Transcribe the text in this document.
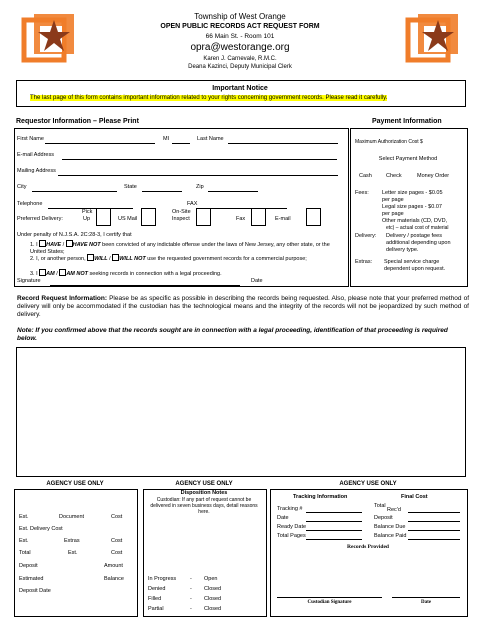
Township of West Orange
OPEN PUBLIC RECORDS ACT REQUEST FORM
66 Main St. - Room 101
opra@westorange.org
Karen J. Carnevale, R.M.C.
Deana Kazinci, Deputy Municipal Clerk
Important Notice
The last page of this form contains important information related to your rights concerning government records. Please read it carefully.
Requestor Information – Please Print	Payment Information
First Name	MI	Last Name
E-mail Address
Mailing Address
City	State	Zip
Telephone	FAX
Preferred Delivery:
Pick
Up	US Mail
On-Site
Inspect	Fax	E-mail
Under penalty of N.J.S.A. 2C:28-3, I certify that
1. I HAVE / HAVE NOT been convicted of any indictable offense under the laws of New Jersey, any other state, or the United States;
2. I, or another person, WILL / WILL NOT use the requested government records for a commercial purpose;
3. I AM / AM NOT seeking records in connection with a legal proceeding.
Signature	Date
Maximum Authorization Cost $
Select Payment Method
Cash	Check	Money Order
Fees: Letter size pages - $0.05
per page
Legal size pages - $0.07
per page
Other materials (CD, DVD,
etc) – actual cost of material
Delivery: Delivery / postage fees
additional depending upon
delivery type.
Extras: Special service charge
dependent upon request.
Record Request Information: Please be as specific as possible in describing the records being requested. Also, please note that your preferred method of delivery will only be accommodated if the custodian has the technological means and the integrity of the records will not be jeopardized by such method of delivery.
Note: If you confirmed above that the records sought are in connection with a legal proceeding, identification of that proceeding is required below.
AGENCY USE ONLY	AGENCY USE ONLY	AGENCY USE ONLY
Est.	Document	Cost
Est. Delivery Cost
Est.	Extras	Cost
Total	Est.	Cost
Deposit	Amount
Estimated	Balance
Deposit Date
Disposition Notes
Custodian: If any part of request cannot be delivered in seven business days, detail reasons here.
In Progress	- Open
Denied	- Closed
Filled	- Closed
Partial	- Closed
Tracking Information	Final Cost
Tracking #
Date
Ready Date
Total Pages
Total
Rec'd
Deposit
Balance Due
Balance Paid
Records Provided
Custodian Signature	Date
